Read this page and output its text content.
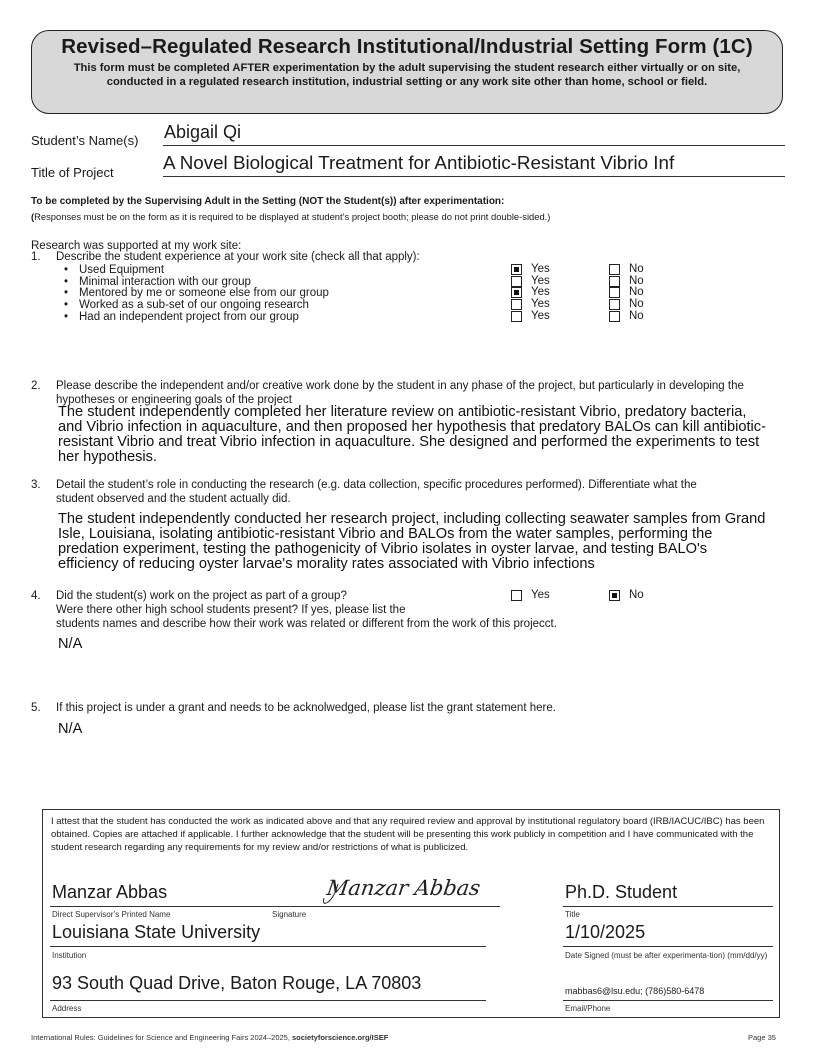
Revised–Regulated Research Institutional/Industrial Setting Form (1C)
This form must be completed AFTER experimentation by the adult supervising the student research either virtually or on site, conducted in a regulated research institution, industrial setting or any work site other than home, school or field.
Student’s Name(s) Abigail Qi
Title of Project	A Novel Biological Treatment for Antibiotic-Resistant Vibrio Inf
To be completed by the Supervising Adult in the Setting (NOT the Student(s)) after experimentation:
(Responses must be on the form as it is required to be displayed at student’s project booth; please do not print double-sided.)
Research was supported at my work site:
1. Describe the student experience at your work site (check all that apply):
• Used Equipment	Yes	No
• Minimal interaction with our group	Yes	No
• Mentored by me or someone else from our group	Yes	No
• Worked as a sub-set of our ongoing research	Yes	No
• Had an independent project from our group	Yes	No
2. Please describe the independent and/or creative work done by the student in any phase of the project, but particularly in developing the hypotheses or engineering goals of the project
The student independently completed her literature review on antibiotic-resistant Vibrio, predatory bacteria, and Vibrio infection in aquaculture, and then proposed her hypothesis that predatory BALOs can kill antibiotic-resistant Vibrio and treat Vibrio infection in aquaculture. She designed and performed the experiments to test her hypothesis.
3. Detail the student’s role in conducting the research (e.g. data collection, specific procedures performed). Differentiate what the student observed and the student actually did.
The student independently conducted her research project, including collecting seawater samples from Grand Isle, Louisiana, isolating antibiotic-resistant Vibrio and BALOs from the water samples, performing the predation experiment, testing the pathogenicity of Vibrio isolates in oyster larvae, and testing BALO's efficiency of reducing oyster larvae's morality rates associated with Vibrio infections
4. Did the student(s) work on the project as part of a group?
Were there other high school students present? If yes, please list the
students names and describe how their work was related or different from the work of this projecct.
Yes	No
N/A
5. If this project is under a grant and needs to be acknolwedged, please list the grant statement here.
N/A
I attest that the student has conducted the work as indicated above and that any required review and approval by institutional regulatory board (IRB/IACUC/IBC) has been obtained. Copies are attached if applicable. I further acknowledge that the student will be presenting this work publicly in competition and I have communicated with the student research regarding any requirements for my review and/or restrictions of what is publicized.
Manzar Abbas	Manzar Abbas
Direct Supervisor’s Printed Name	Signature
Ph.D. Student
Title
Louisiana State University
Institution
1/10/2025
Date Signed (must be after experimenta-tion) (mm/dd/yy)
93 South Quad Drive, Baton Rouge, LA 70803
Address
mabbas6@lsu.edu; (786)580-6478
Email/Phone
International Rules: Guidelines for Science and Engineering Fairs 2024–2025, societyforscience.org/ISEF	Page 35
